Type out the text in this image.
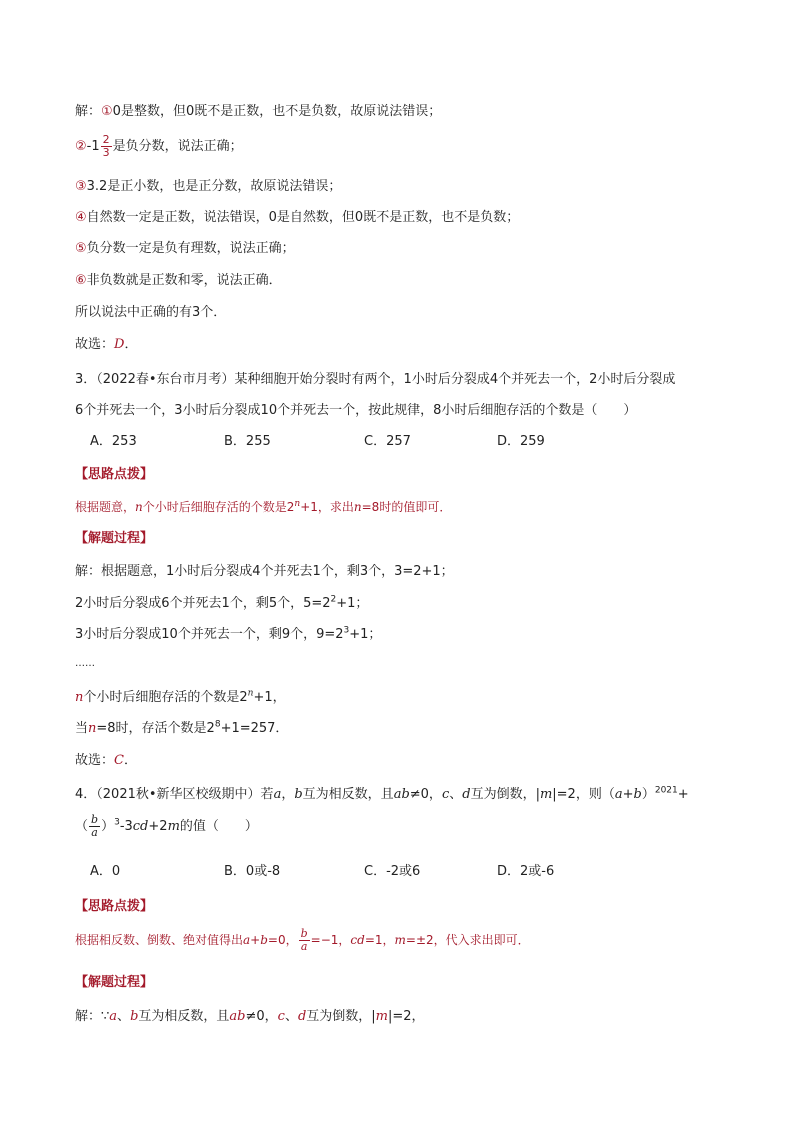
解：①0是整数，但0既不是正数，也不是负数，故原说法错误；
②-1 $\frac{2}{3}$ 是负分数，说法正确；
③3.2是正小数，也是正分数，故原说法错误；
④自然数一定是正数，说法错误，0是自然数，但0既不是正数，也不是负数；
⑤负分数一定是负有理数，说法正确；
⑥非负数就是正数和零，说法正确．
所以说法中正确的有3个．
故选：D．
3．（2022春•东台市月考）某种细胞开始分裂时有两个，1小时后分裂成4个并死去一个，2小时后分裂成
6个并死去一个，3小时后分裂成10个并死去一个，按此规律，8小时后细胞存活的个数是（　　）
A．253	B．255	C．257	D．259
【思路点拨】
根据题意，n个小时后细胞存活的个数是$2^n+1$，求出n=8时的值即可．
【解题过程】
解：根据题意，1小时后分裂成4个并死去1个，剩3个，3=2+1；
2小时后分裂成6个并死去1个，剩5个，$5=2^2+1$；
3小时后分裂成10个并死去一个，剩9个，$9=2^3+1$；
……
n个小时后细胞存活的个数是$2^n+1$，
当n=8时，存活个数是$2^8+1=257$．
故选：C．
4．（2021秋•新华区校级期中）若a，b互为相反数，且ab≠0，c、d互为倒数，|m|=2，则$(a+b)^{2021}+$
（ $\frac{b}{a} )^3-3cd+2m$的值（　　）
A．0	B．0或-8	C．-2或6	D．2或-6
【思路点拨】
根据相反数、倒数、绝对值得出a+b=0， $\frac{b}{a} =-1$，cd=1，m=±2，代入求出即可．
【解题过程】
解：∵a、b互为相反数，且ab≠0，c、d互为倒数，|m|=2，
